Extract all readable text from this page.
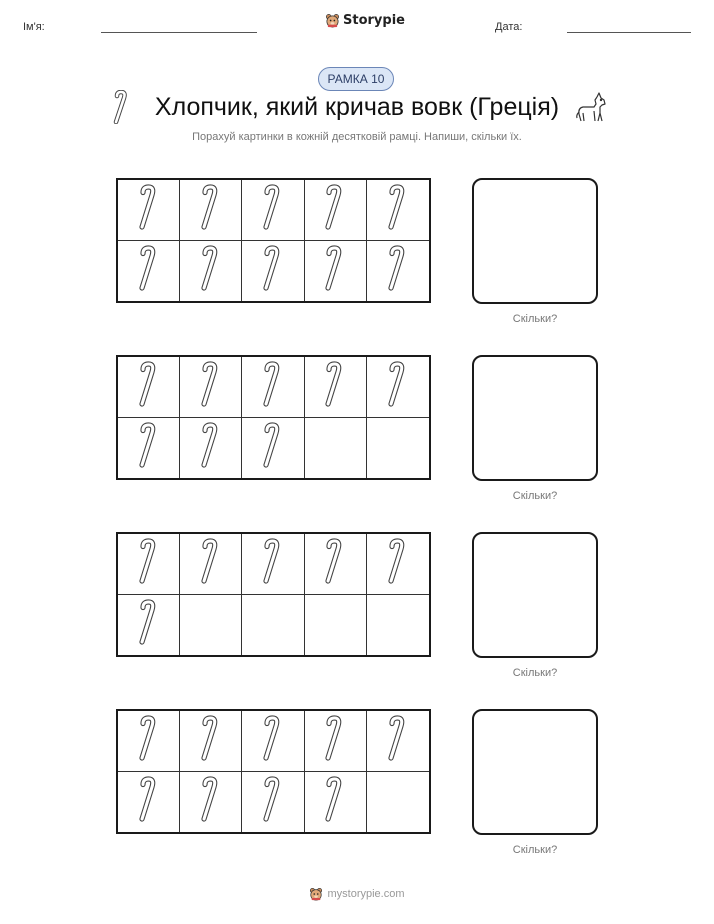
Ім'я:	Storypie	Дата:
РАМКА 10
Хлопчик, який кричав вовк (Греція)
Порахуй картинки в кожній десятковій рамці. Напиши, скільки їх.
Скільки?
Скільки?
Скільки?
Скільки?
mystorypie.com
